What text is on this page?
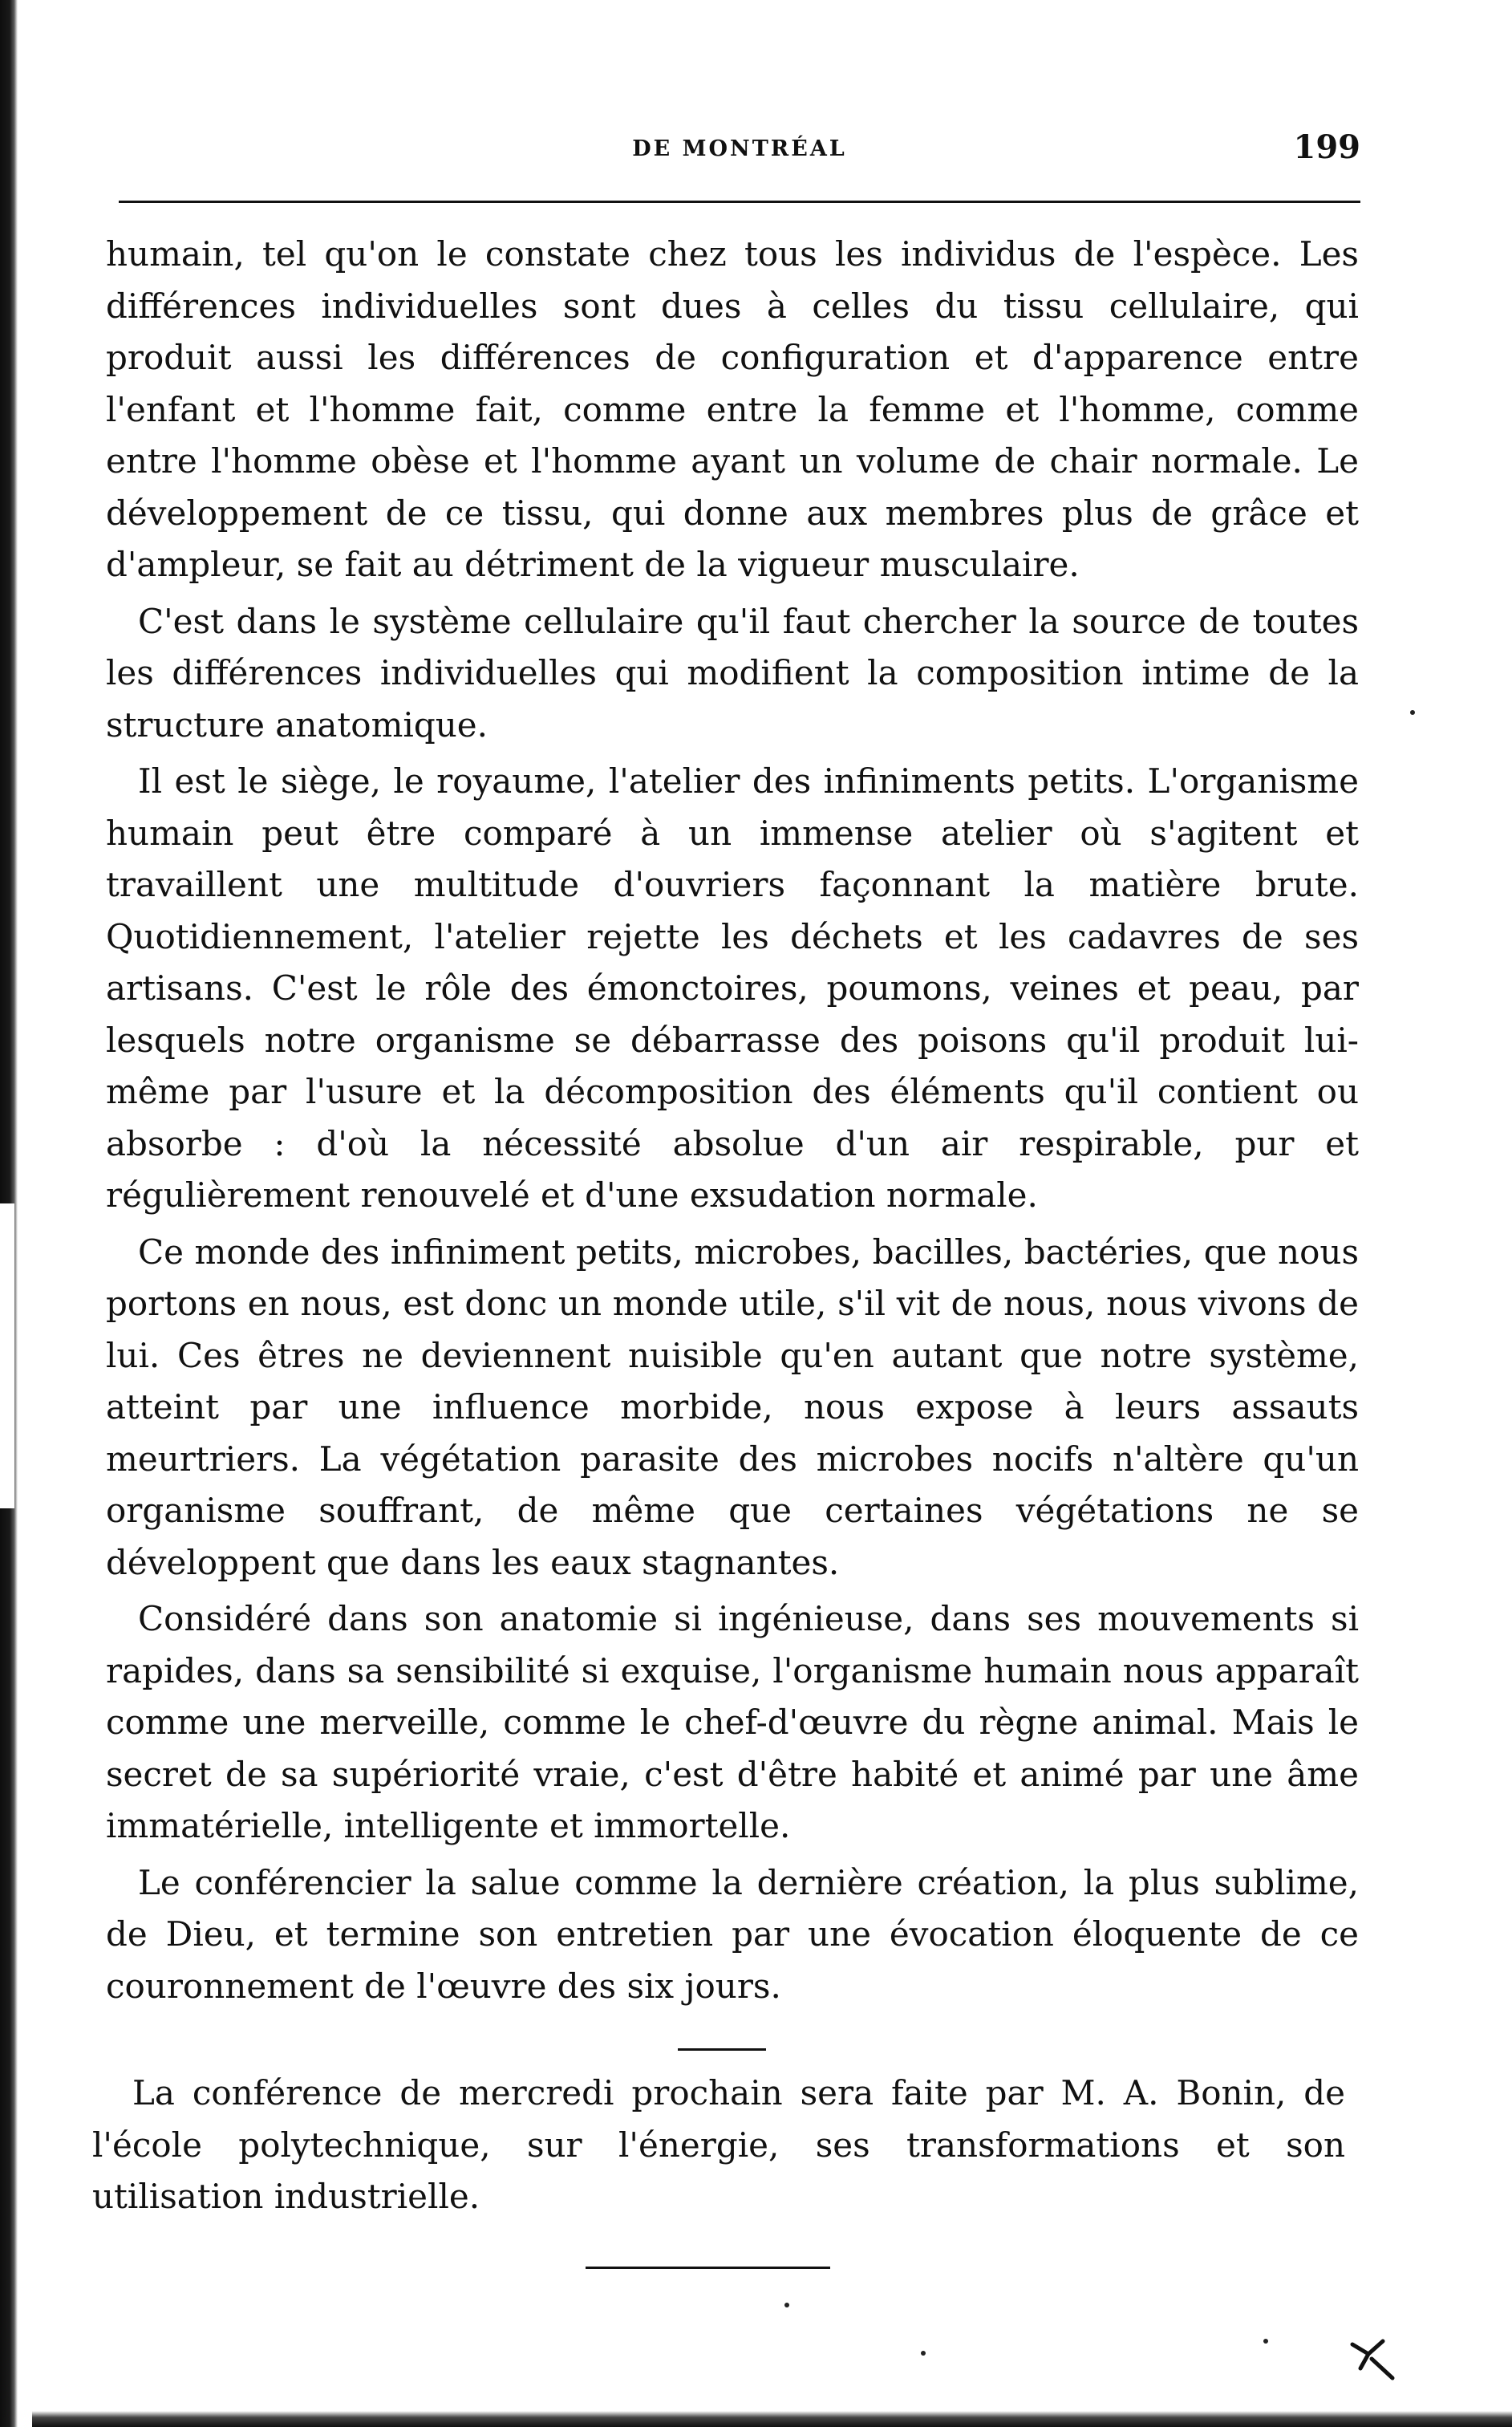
DE MONTRÉAL	199

humain, tel qu'on le constate chez tous les individus de l'espèce. Les différences individuelles sont dues à celles du tissu cellulaire, qui produit aussi les différences de configuration et d'apparence entre l'enfant et l'homme fait, comme entre la femme et l'homme, comme entre l'homme obèse et l'homme ayant un volume de chair normale. Le développement de ce tissu, qui donne aux membres plus de grâce et d'ampleur, se fait au détriment de la vigueur musculaire.

C'est dans le système cellulaire qu'il faut chercher la source de toutes les différences individuelles qui modifient la composition intime de la structure anatomique.

Il est le siège, le royaume, l'atelier des infiniments petits. L'organisme humain peut être comparé à un immense atelier où s'agitent et travaillent une multitude d'ouvriers façonnant la matière brute. Quotidiennement, l'atelier rejette les déchets et les cadavres de ses artisans. C'est le rôle des émonctoires, poumons, veines et peau, par lesquels notre organisme se débarrasse des poisons qu'il produit lui-même par l'usure et la décomposition des éléments qu'il contient ou absorbe : d'où la nécessité absolue d'un air respirable, pur et régulièrement renouvelé et d'une exsudation normale.

Ce monde des infiniment petits, microbes, bacilles, bactéries, que nous portons en nous, est donc un monde utile, s'il vit de nous, nous vivons de lui. Ces êtres ne deviennent nuisible qu'en autant que notre système, atteint par une influence morbide, nous expose à leurs assauts meurtriers. La végétation parasite des microbes nocifs n'altère qu'un organisme souffrant, de même que certaines végétations ne se développent que dans les eaux stagnantes.

Considéré dans son anatomie si ingénieuse, dans ses mouvements si rapides, dans sa sensibilité si exquise, l'organisme humain nous apparaît comme une merveille, comme le chef-d'œuvre du règne animal. Mais le secret de sa supériorité vraie, c'est d'être habité et animé par une âme immatérielle, intelligente et immortelle.

Le conférencier la salue comme la dernière création, la plus sublime, de Dieu, et termine son entretien par une évocation éloquente de ce couronnement de l'œuvre des six jours.

La conférence de mercredi prochain sera faite par M. A. Bonin, de l'école polytechnique, sur l'énergie, ses transformations et son utilisation industrielle.
